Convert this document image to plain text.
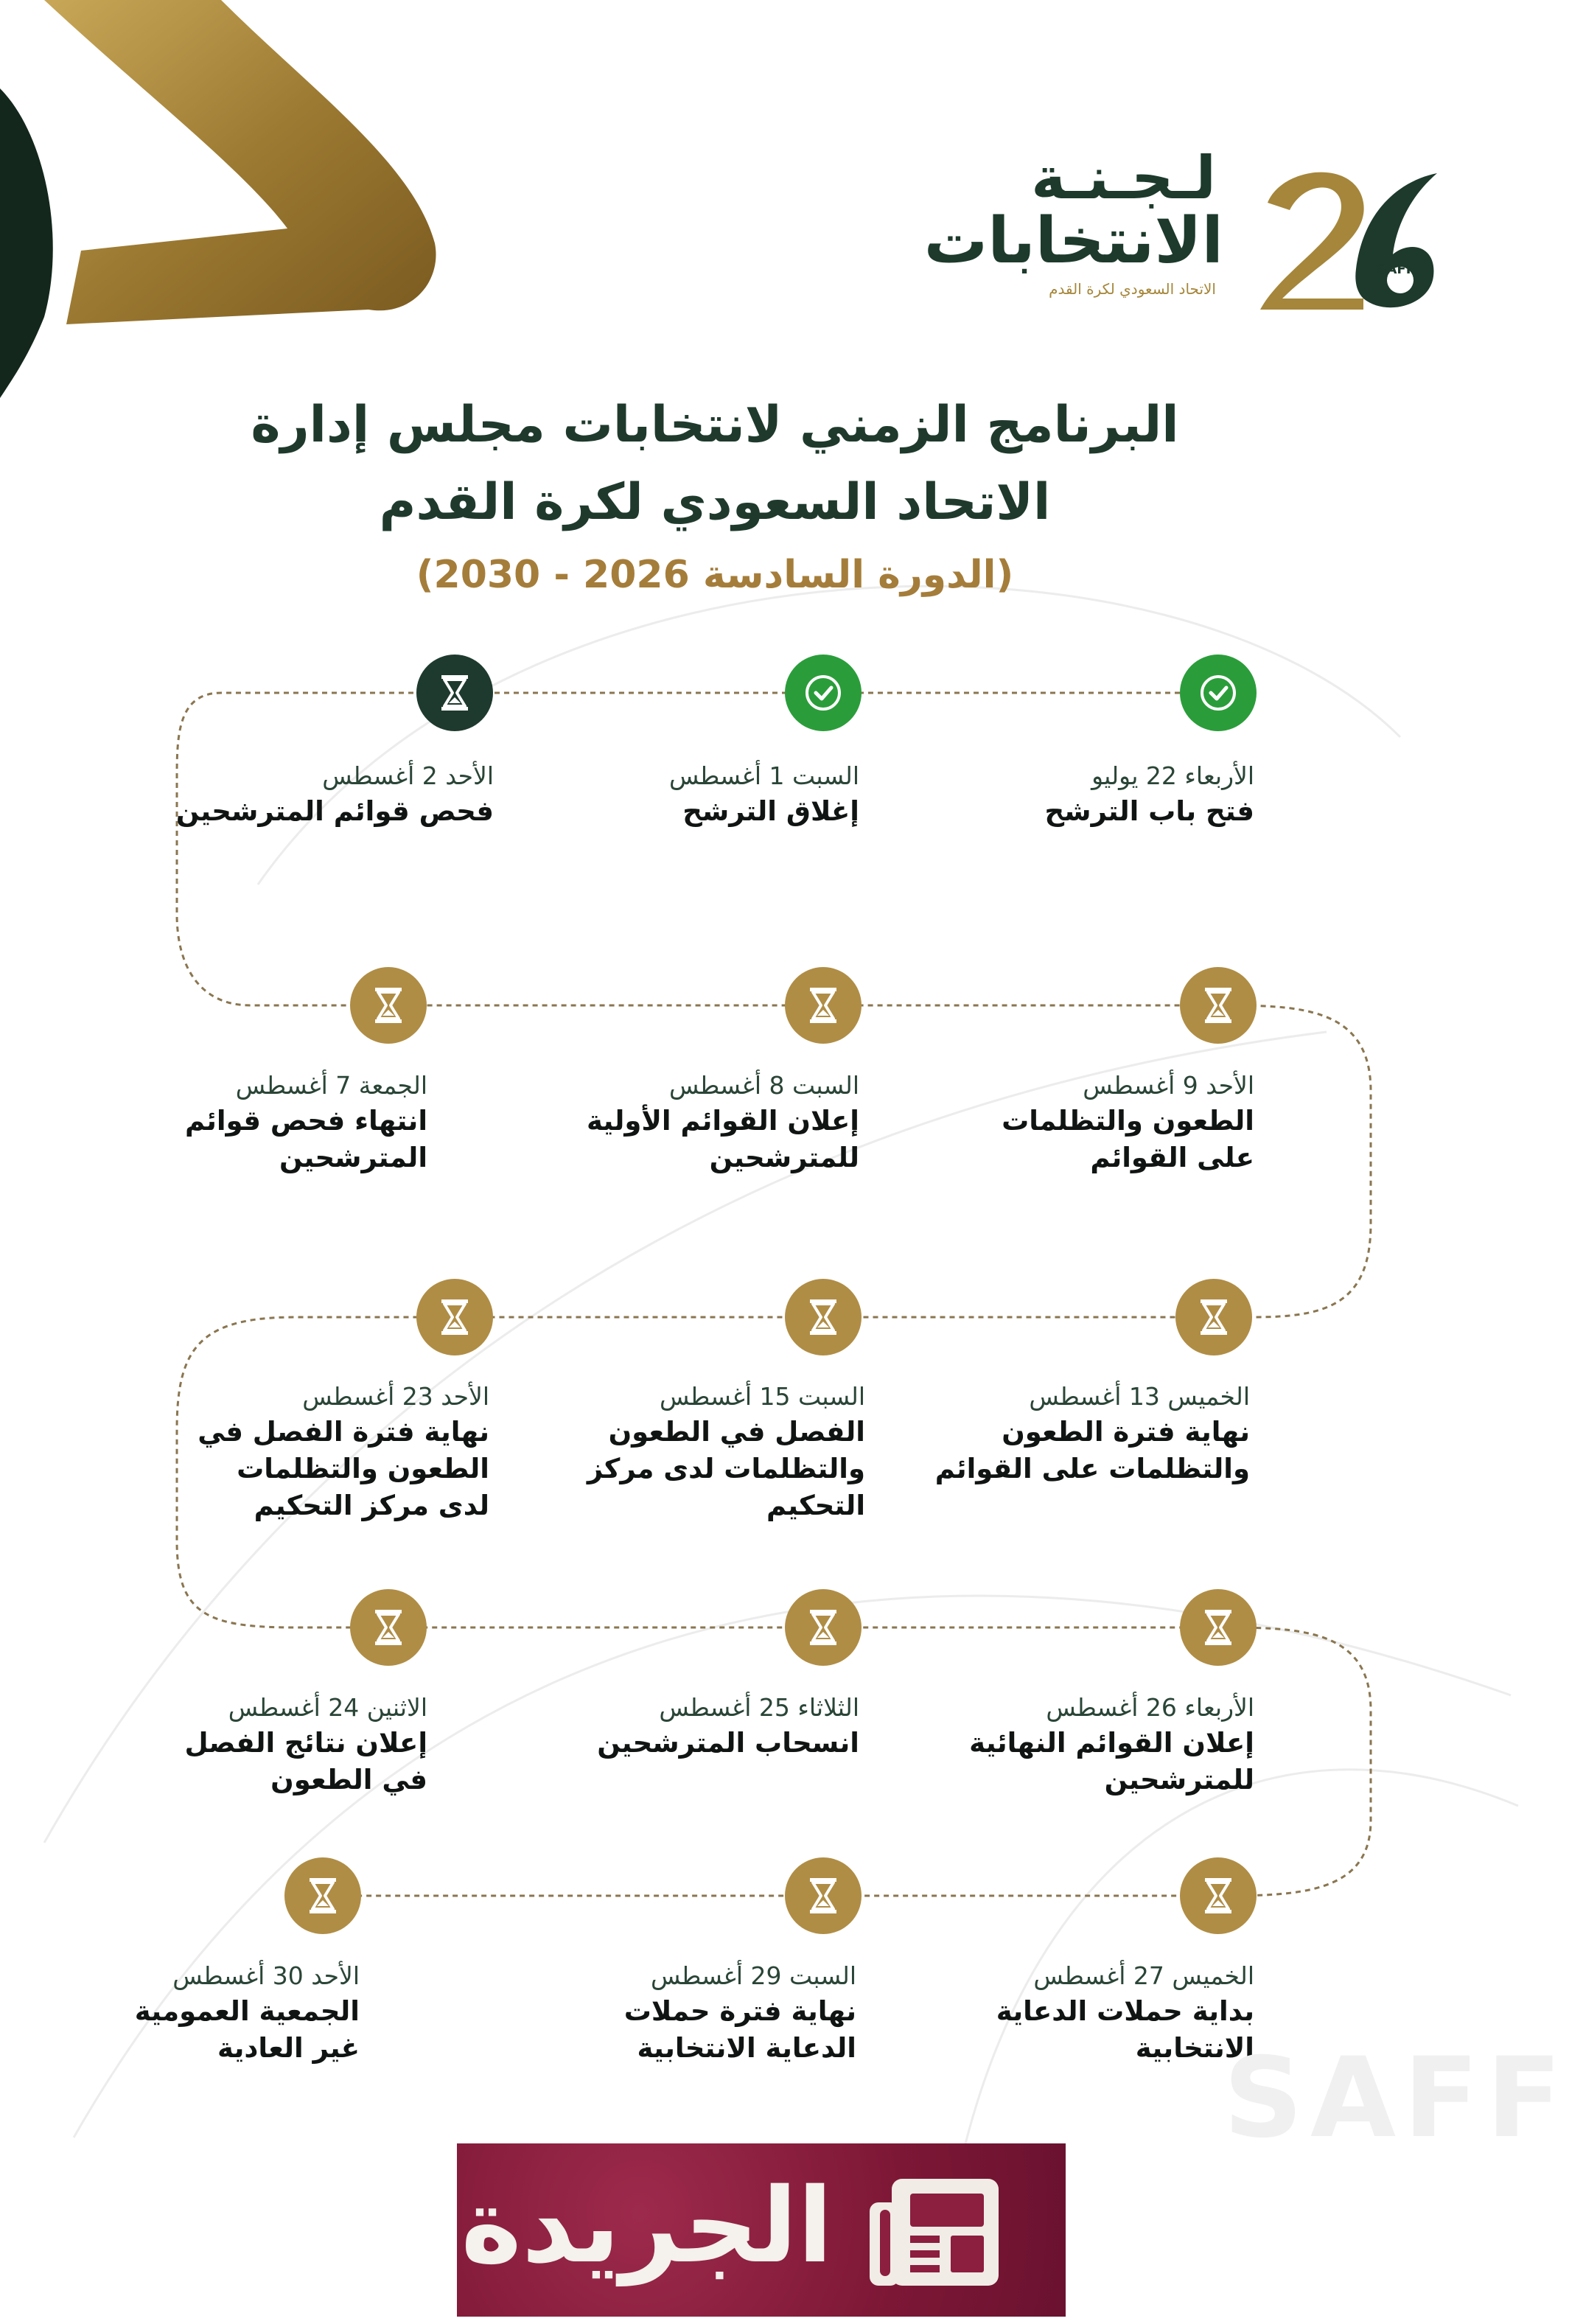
لـجـنـة
الانتخابات
الاتحاد السعودي لكرة القدم
SAFF
البرنامج الزمني لانتخابات مجلس إدارة
الاتحاد السعودي لكرة القدم
(الدورة السادسة 2026 - 2030)
الأربعاء 22 يوليو
فتح باب الترشح
السبت 1 أغسطس
إغلاق الترشح
الأحد 2 أغسطس
فحص قوائم المترشحين
الأحد 9 أغسطس
الطعون والتظلمات
على القوائم
السبت 8 أغسطس
إعلان القوائم الأولية
للمترشحين
الجمعة 7 أغسطس
انتهاء فحص قوائم
المترشحين
الخميس 13 أغسطس
نهاية فترة الطعون
والتظلمات على القوائم
السبت 15 أغسطس
الفصل في الطعون
والتظلمات لدى مركز
التحكيم
الأحد 23 أغسطس
نهاية فترة الفصل في
الطعون والتظلمات
لدى مركز التحكيم
الأربعاء 26 أغسطس
إعلان القوائم النهائية
للمترشحين
الثلاثاء 25 أغسطس
انسحاب المترشحين
الاثنين 24 أغسطس
إعلان نتائج الفصل
في الطعون
الخميس 27 أغسطس
بداية حملات الدعاية
الانتخابية
السبت 29 أغسطس
نهاية فترة حملات
الدعاية الانتخابية
الأحد 30 أغسطس
الجمعية العمومية
غير العادية	SAFF
الجريدة
